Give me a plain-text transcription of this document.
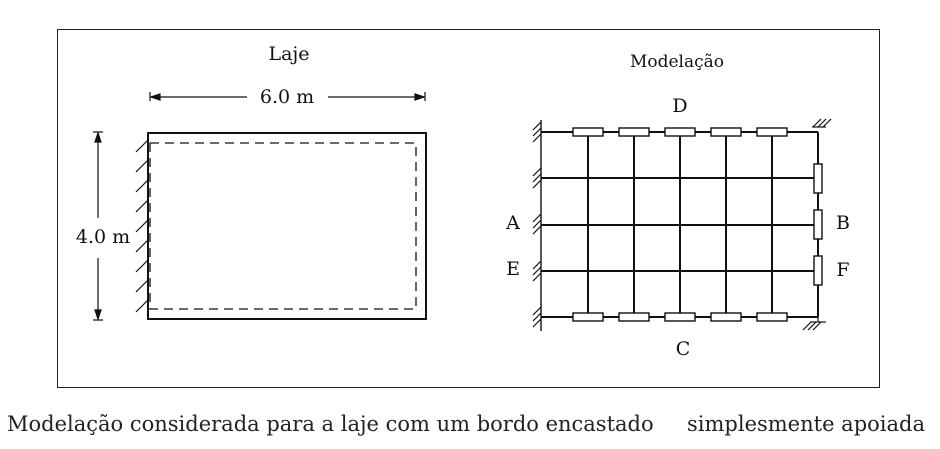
Laje
6.0 m
4.0 m
Modelação
D
C
A
E
B
F
Modelação considerada para a laje com um bordo encastado simplesmente apoiada
